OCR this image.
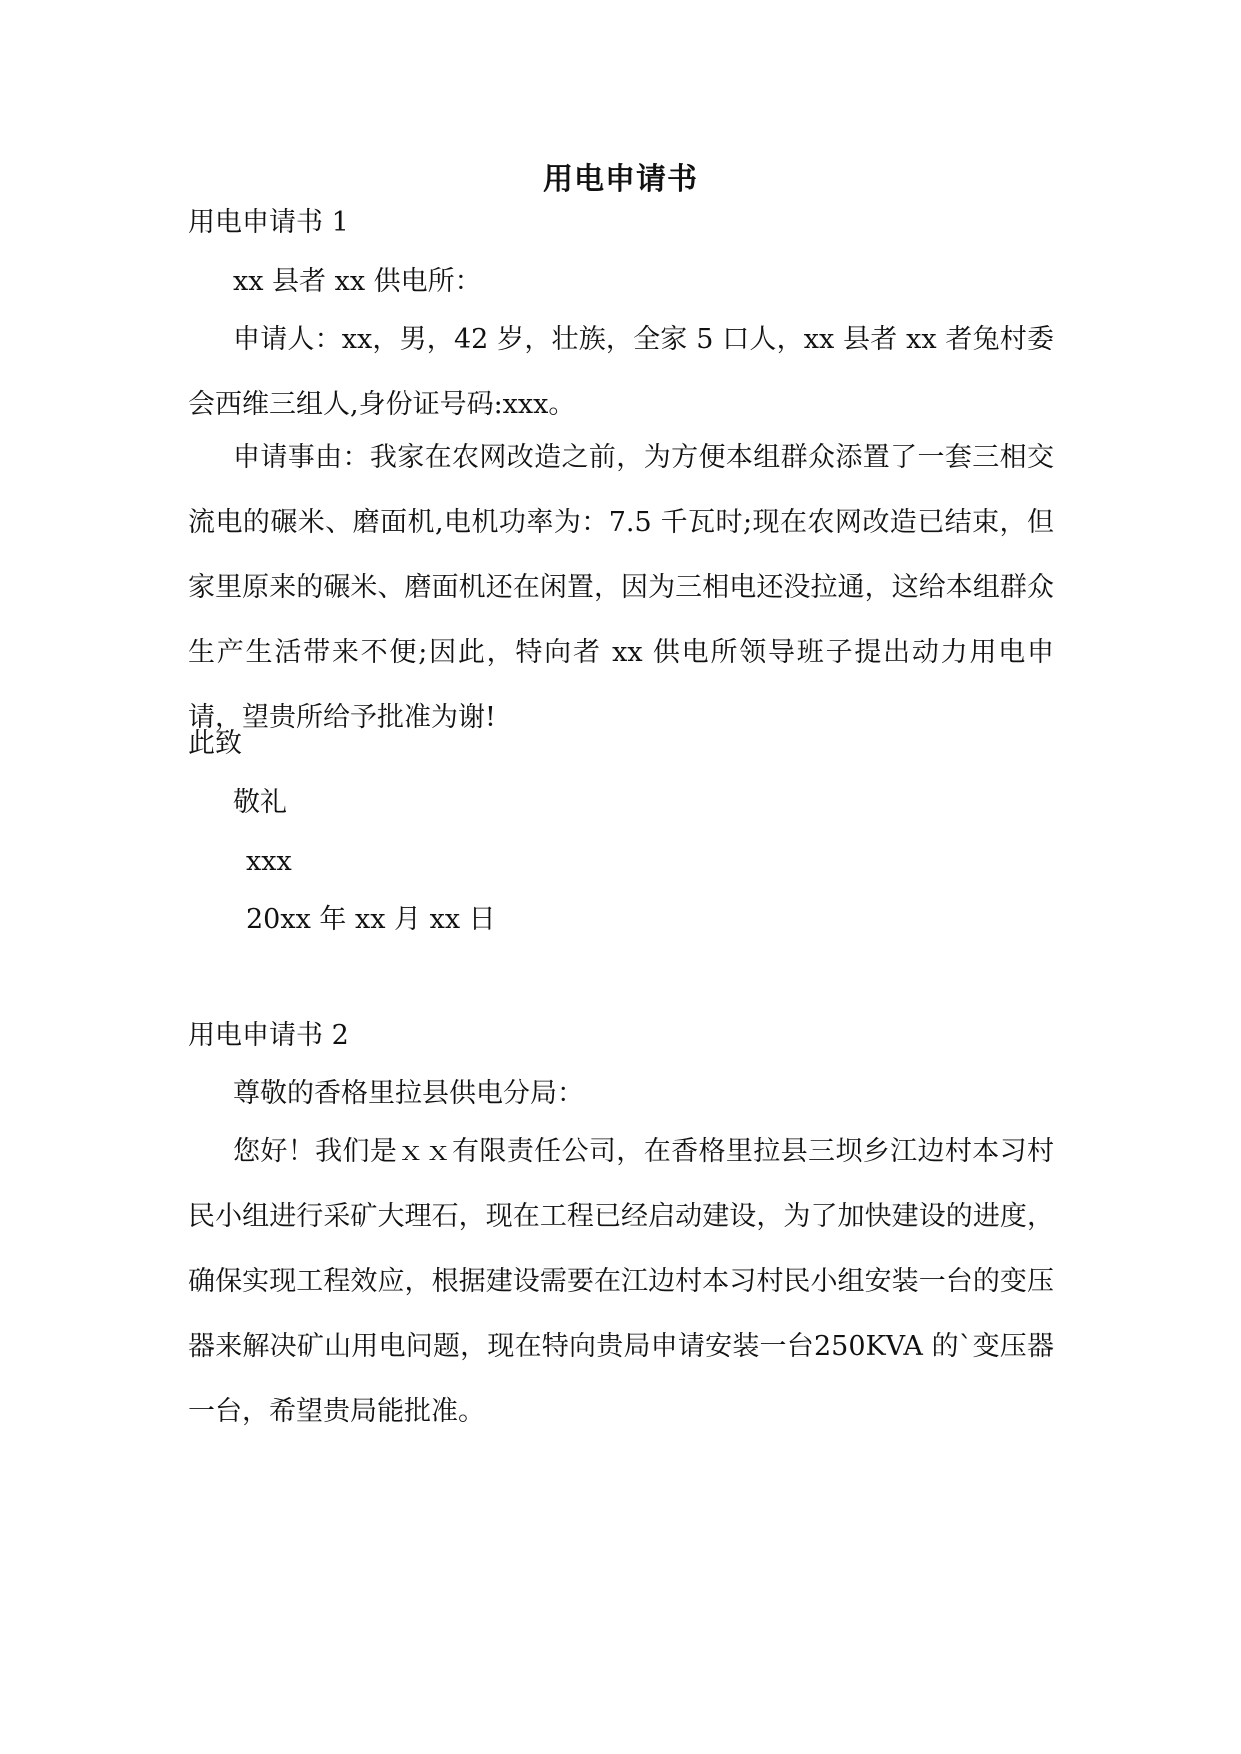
用电申请书

用电申请书 1

xx 县者 xx 供电所：

申请人：xx，男，42 岁，壮族，全家 5 口人，xx 县者 xx 者兔村委会西维三组人,身份证号码:xxx。

申请事由：我家在农网改造之前，为方便本组群众添置了一套三相交流电的碾米、磨面机,电机功率为：7.5 千瓦时;现在农网改造已结束，但家里原来的碾米、磨面机还在闲置，因为三相电还没拉通，这给本组群众生产生活带来不便;因此，特向者 xx 供电所领导班子提出动力用电申请，望贵所给予批准为谢!

此致

敬礼

xxx

20xx 年 xx 月 xx 日

用电申请书 2

尊敬的香格里拉县供电分局：

您好！我们是ｘｘ有限责任公司，在香格里拉县三坝乡江边村本习村民小组进行采矿大理石，现在工程已经启动建设，为了加快建设的进度，确保实现工程效应，根据建设需要在江边村本习村民小组安装一台的变压器来解决矿山用电问题，现在特向贵局申请安装一台250KVA 的`变压器一台，希望贵局能批准。
